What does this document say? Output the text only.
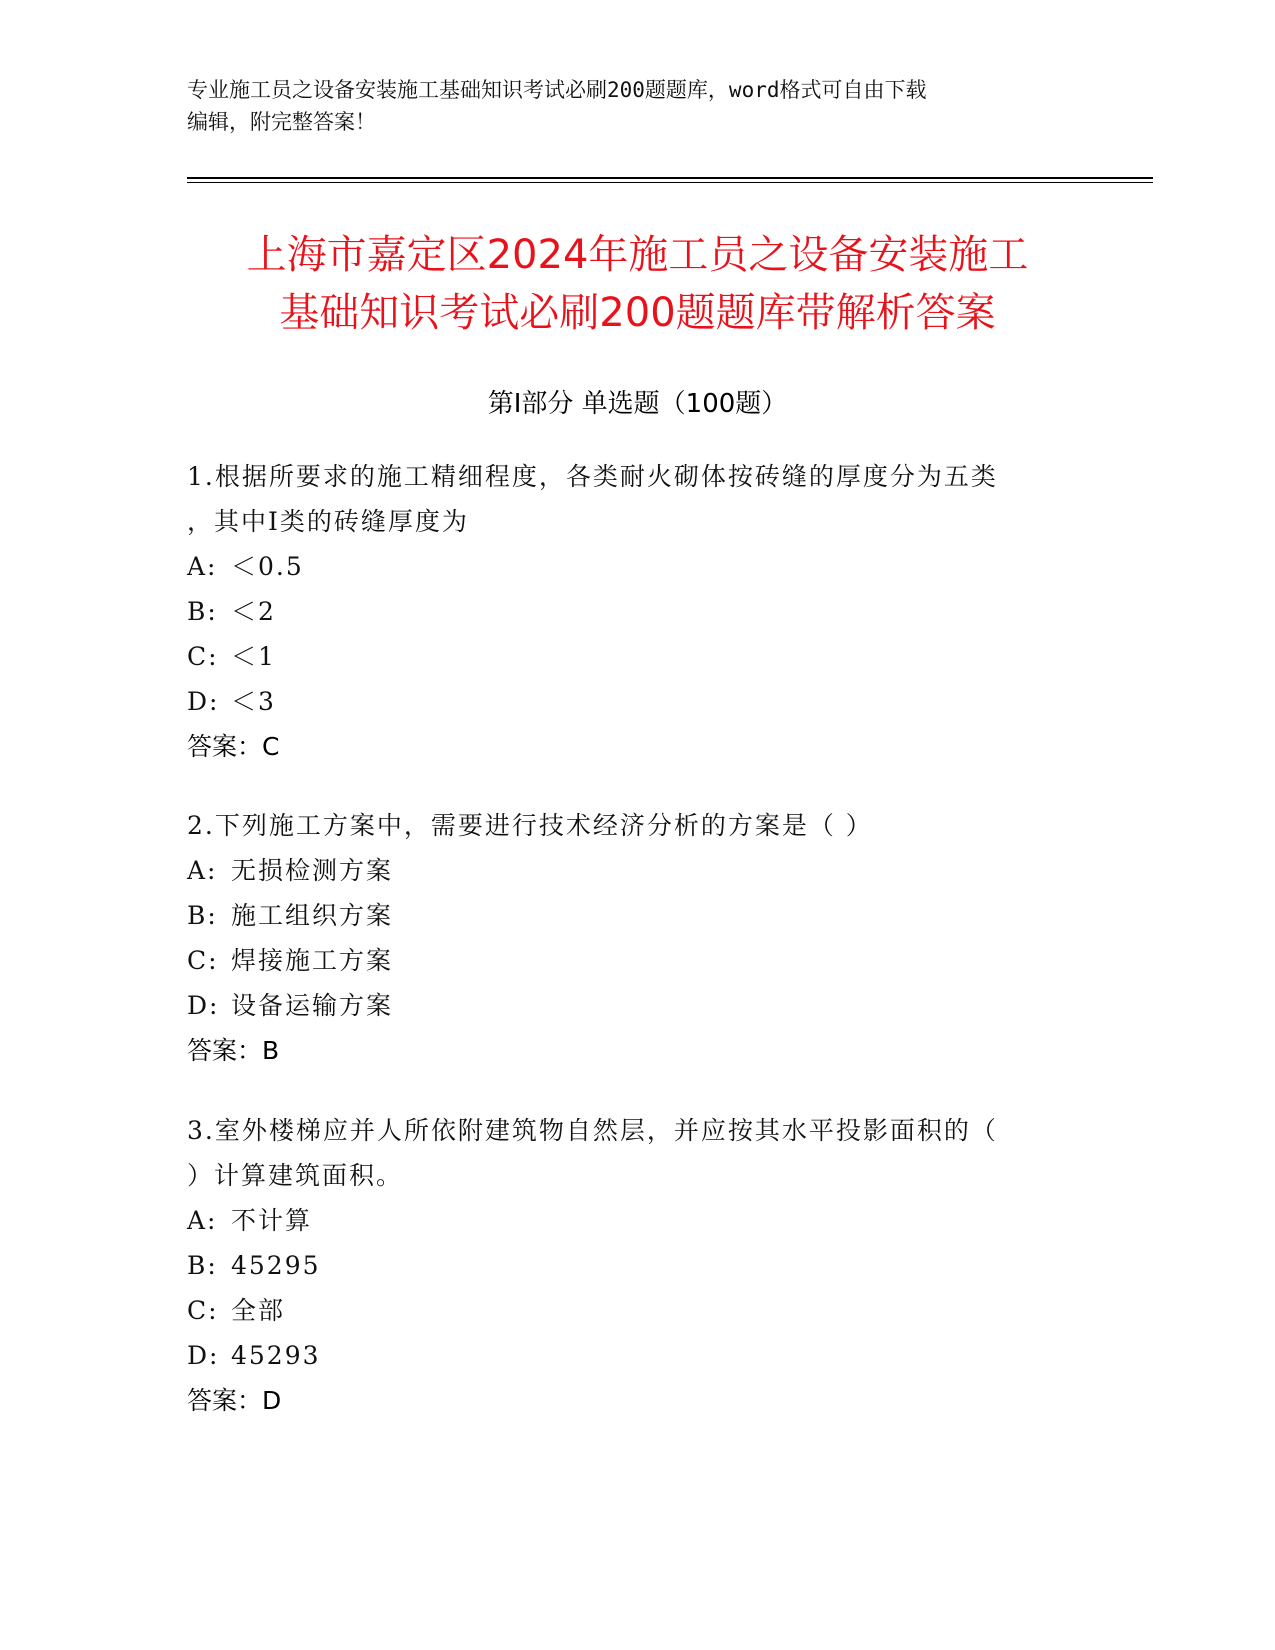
专业施工员之设备安装施工基础知识考试必刷200题题库，word格式可自由下载
编辑，附完整答案！
上海市嘉定区2024年施工员之设备安装施工
基础知识考试必刷200题题库带解析答案
第Ⅰ部分 单选题（100题）
1.根据所要求的施工精细程度，各类耐火砌体按砖缝的厚度分为五类
，其中Ⅰ类的砖缝厚度为
A: ＜0.5
B: ＜2
C: ＜1
D: ＜3
答案：C
2.下列施工方案中，需要进行技术经济分析的方案是（ ）
A: 无损检测方案
B: 施工组织方案
C: 焊接施工方案
D: 设备运输方案
答案：B
3.室外楼梯应并人所依附建筑物自然层，并应按其水平投影面积的（
）计算建筑面积。
A: 不计算
B: 45295
C: 全部
D: 45293
答案：D
